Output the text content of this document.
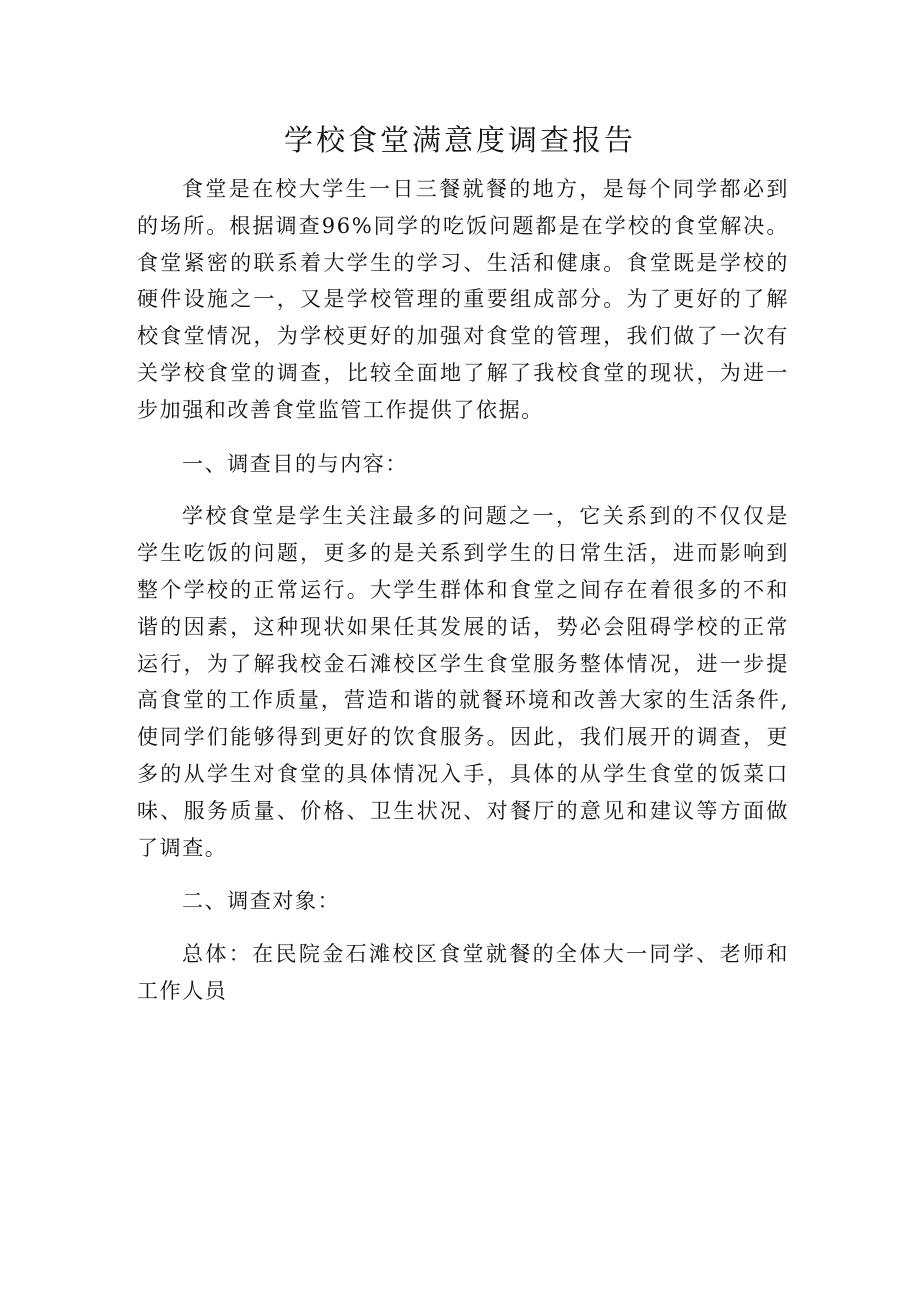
学校食堂满意度调查报告

食堂是在校大学生一日三餐就餐的地方，是每个同学都必到的场所。根据调查96%同学的吃饭问题都是在学校的食堂解决。食堂紧密的联系着大学生的学习、生活和健康。食堂既是学校的硬件设施之一，又是学校管理的重要组成部分。为了更好的了解校食堂情况，为学校更好的加强对食堂的管理，我们做了一次有关学校食堂的调查，比较全面地了解了我校食堂的现状，为进一步加强和改善食堂监管工作提供了依据。

一、调查目的与内容：

学校食堂是学生关注最多的问题之一，它关系到的不仅仅是学生吃饭的问题，更多的是关系到学生的日常生活，进而影响到整个学校的正常运行。大学生群体和食堂之间存在着很多的不和谐的因素，这种现状如果任其发展的话，势必会阻碍学校的正常运行，为了解我校金石滩校区学生食堂服务整体情况，进一步提高食堂的工作质量，营造和谐的就餐环境和改善大家的生活条件,使同学们能够得到更好的饮食服务。因此，我们展开的调查，更多的从学生对食堂的具体情况入手，具体的从学生食堂的饭菜口味、服务质量、价格、卫生状况、对餐厅的意见和建议等方面做了调查。

二、调查对象：

总体：在民院金石滩校区食堂就餐的全体大一同学、老师和工作人员
